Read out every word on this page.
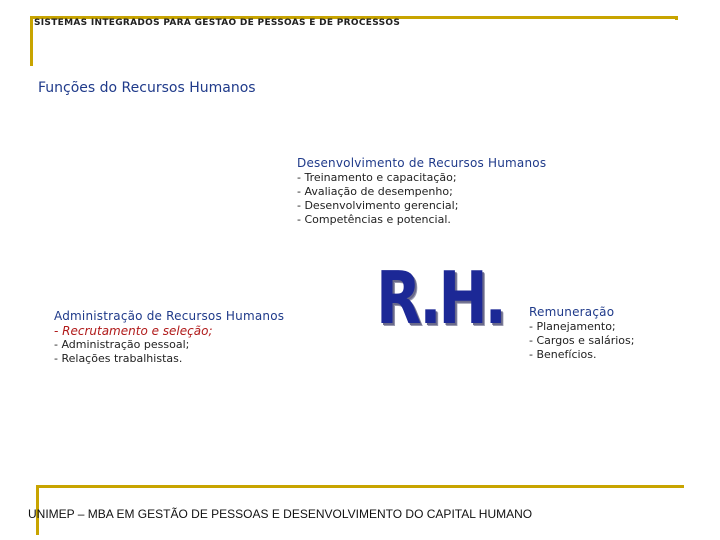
SISTEMAS INTEGRADOS PARA GESTAO DE PESSOAS E DE PROCESSOS
Funções do Recursos Humanos
Desenvolvimento de Recursos Humanos
- Treinamento e capacitação;
- Avaliação de desempenho;
- Desenvolvimento gerencial;
- Competências e potencial.
Administração de Recursos Humanos
- Recrutamento e seleção;
- Administração pessoal;
- Relações trabalhistas.
R.H. Remuneração
- Planejamento;
- Cargos e salários;
- Benefícios.
UNIMEP – MBA EM GESTÃO DE PESSOAS E DESENVOLVIMENTO DO CAPITAL HUMANO
